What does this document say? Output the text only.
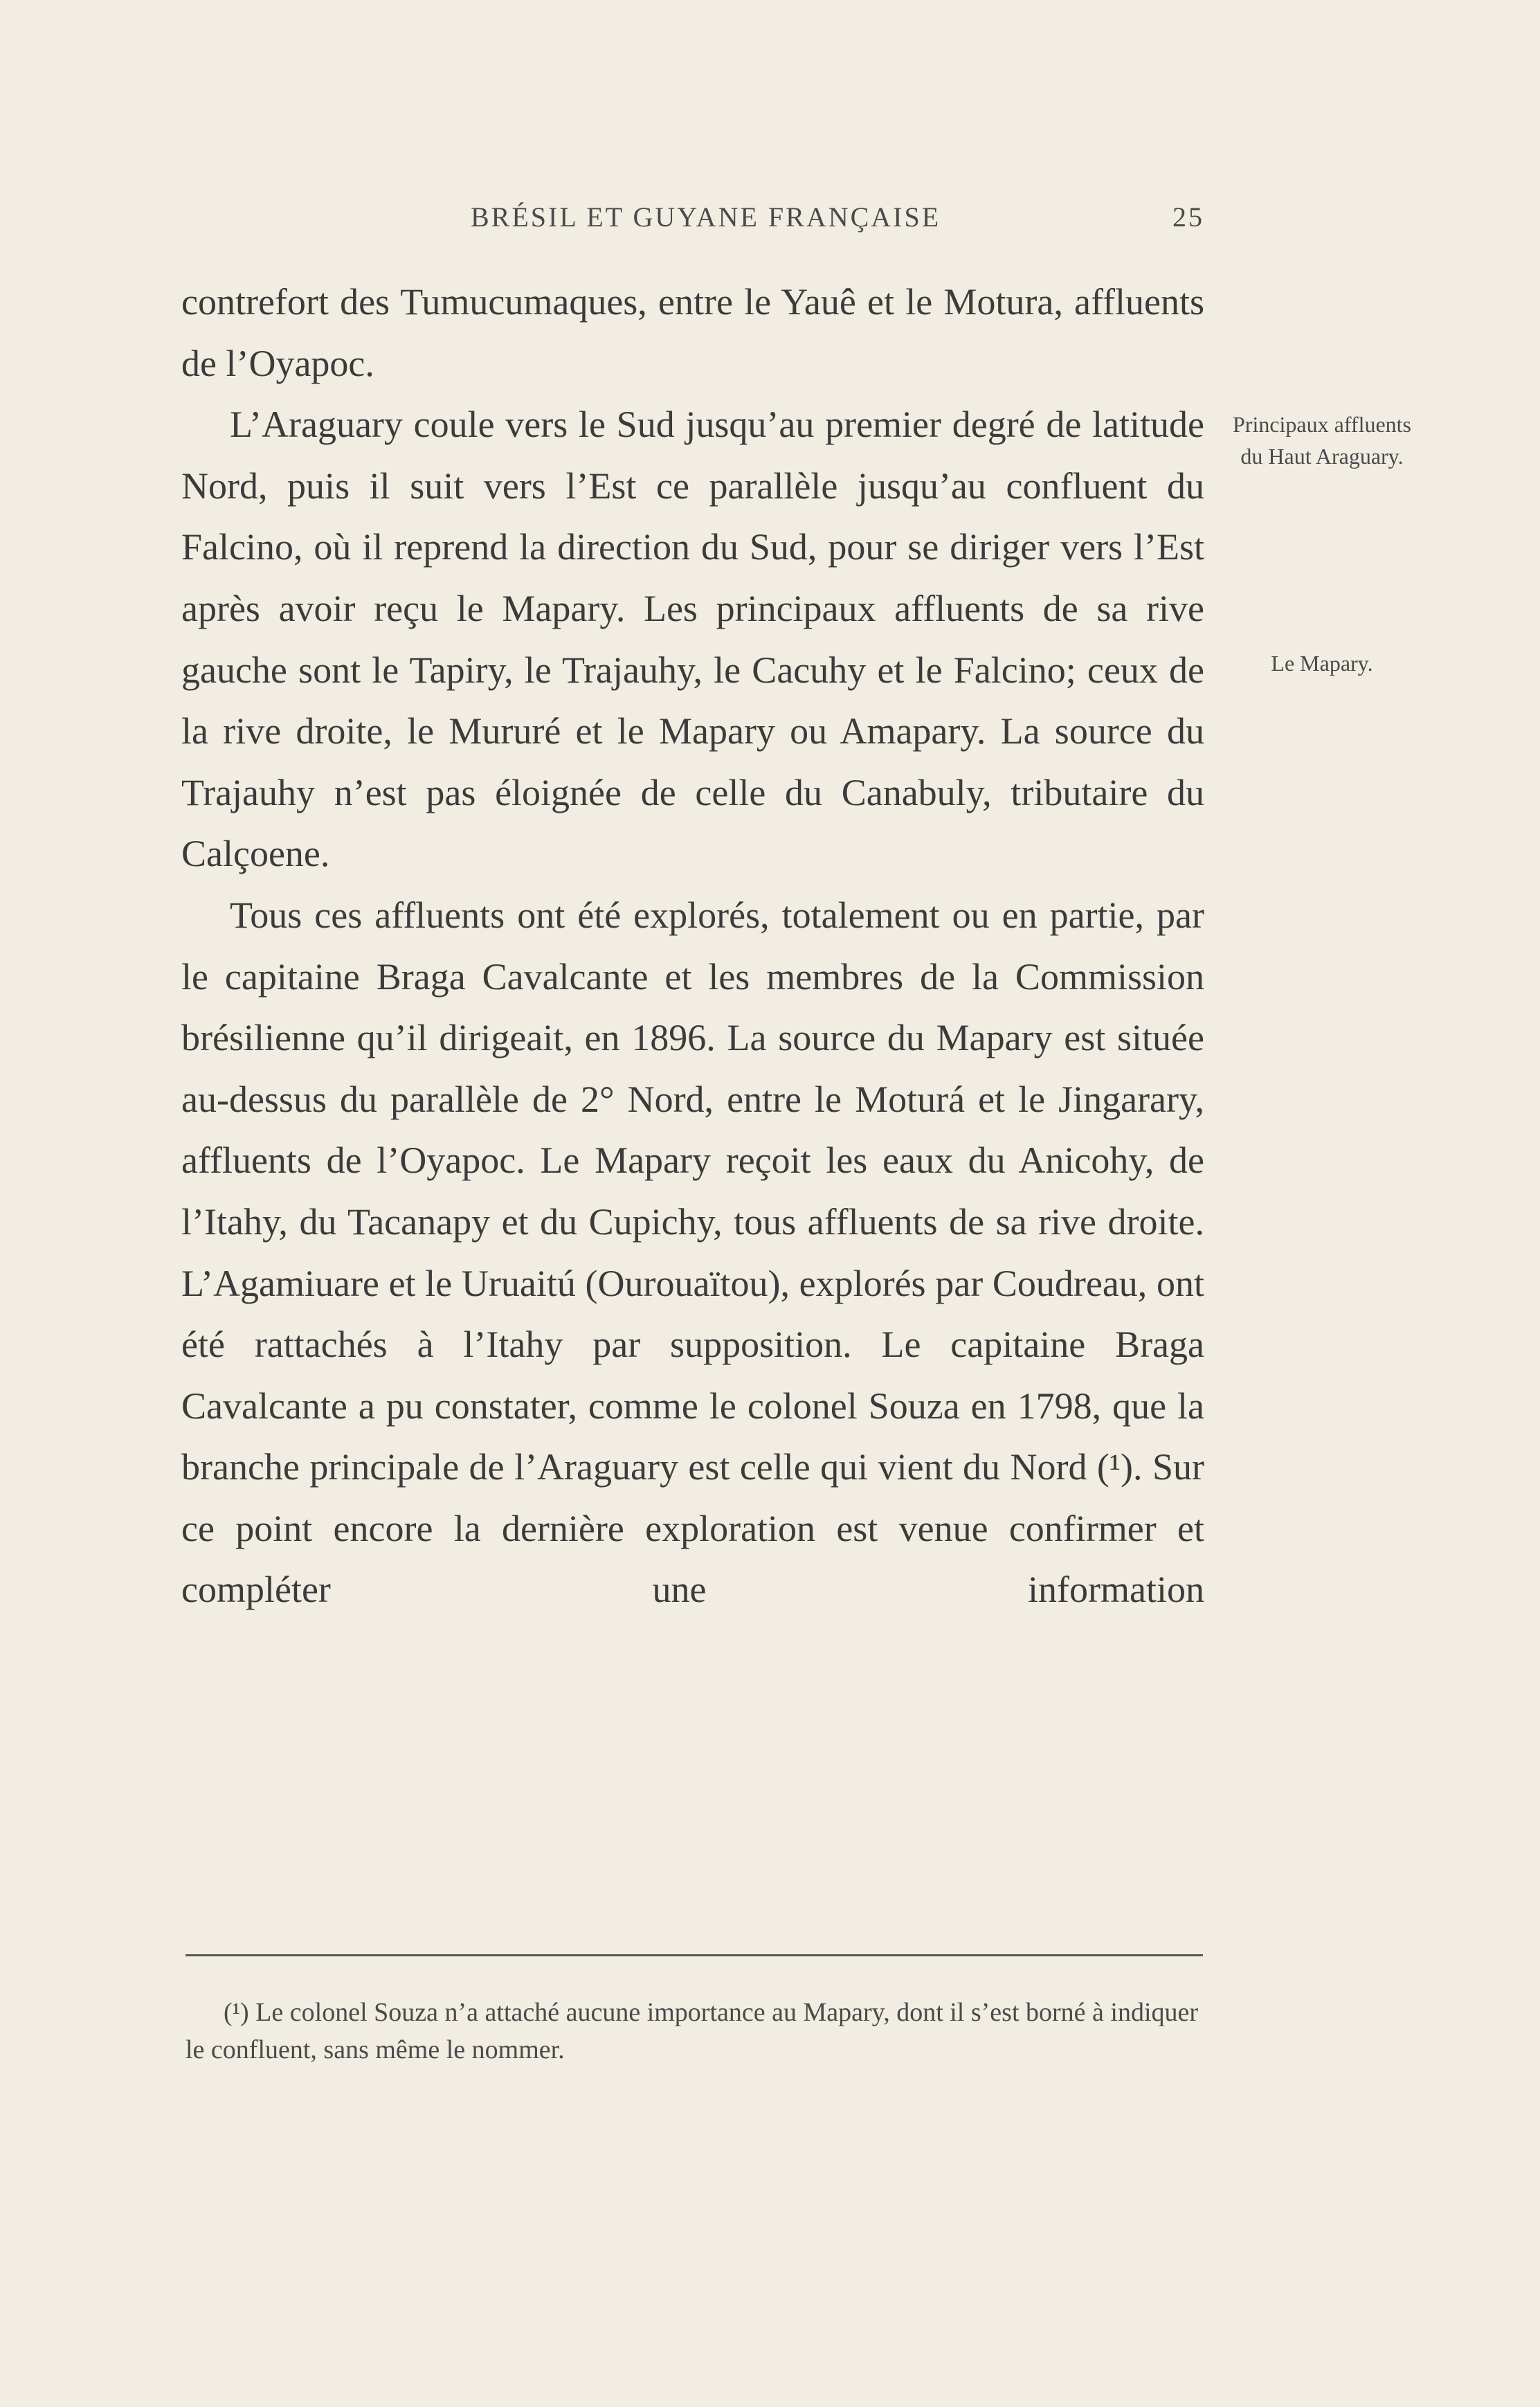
BRÉSIL ET GUYANE FRANÇAISE	25

contrefort des Tumucumaques, entre le Yauê et le Motura, affluents de l’Oyapoc.

L’Araguary coule vers le Sud jusqu’au premier degré de latitude Nord, puis il suit vers l’Est ce parallèle jusqu’au confluent du Falcino, où il reprend la direction du Sud, pour se diriger vers l’Est après avoir reçu le Mapary. Les principaux affluents de sa rive gauche sont le Tapiry, le Trajauhy, le Cacuhy et le Falcino; ceux de la rive droite, le Mururé et le Mapary ou Amapary. La source du Trajauhy n’est pas éloignée de celle du Canabuly, tributaire du Calçoene.

Tous ces affluents ont été explorés, totalement ou en partie, par le capitaine Braga Cavalcante et les membres de la Commission brésilienne qu’il dirigeait, en 1896. La source du Mapary est située au-dessus du parallèle de 2° Nord, entre le Moturá et le Jingarary, affluents de l’Oyapoc. Le Mapary reçoit les eaux du Anicohy, de l’Itahy, du Tacanapy et du Cupichy, tous affluents de sa rive droite. L’Agamiuare et le Uruaitú (Ourouaïtou), explorés par Coudreau, ont été rattachés à l’Itahy par supposition. Le capitaine Braga Cavalcante a pu constater, comme le colonel Souza en 1798, que la branche principale de l’Araguary est celle qui vient du Nord (¹). Sur ce point encore la dernière exploration est venue confirmer et compléter une information

Principaux affluents du Haut Araguary.
Le Mapary.

(¹) Le colonel Souza n’a attaché aucune importance au Mapary, dont il s’est borné à indiquer le confluent, sans même le nommer.
